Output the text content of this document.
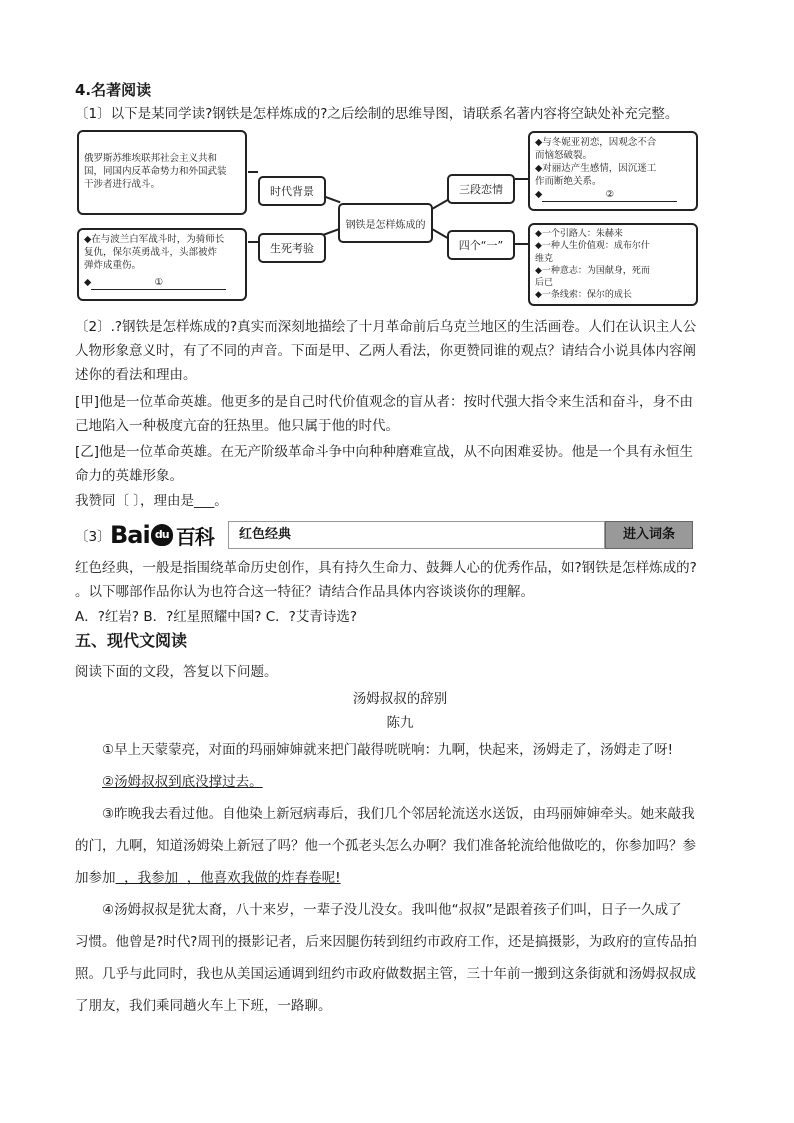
4.名著阅读

〔1〕以下是某同学读?钢铁是怎样炼成的?之后绘制的思维导图，请联系名著内容将空缺处补充完整。

俄罗斯苏维埃联邦社会主义共和
国，同国内反革命势力和外国武装
干涉者进行战斗。
时代背景
钢铁是怎样炼成的
生死考验
◆在与波兰白军战斗时，为骑师长
复仇，保尔英勇战斗，头部被炸
弹炸成重伤。
◆	①
三段恋情
四个“一”
◆与冬妮亚初恋，因观念不合
而恼怒破裂。
◆对丽达产生感情，因沉迷工
作而断绝关系。
◆	②
◆一个引路人：朱赫来
◆一种人生价值观：成布尔什
维克
◆一种意志：为国献身，死而
后已
◆一条线索：保尔的成长

〔2〕.?钢铁是怎样炼成的?真实而深刻地描绘了十月革命前后乌克兰地区的生活画卷。人们在认识主人公

人物形象意义时，有了不同的声音。下面是甲、乙两人看法，你更赞同谁的观点？请结合小说具体内容阐

述你的看法和理由。

[甲]他是一位革命英雄。他更多的是自己时代价值观念的盲从者：按时代强大指令来生活和奋斗，身不由

己地陷入一种极度亢奋的狂热里。他只属于他的时代。

[乙]他是一位革命英雄。在无产阶级革命斗争中向种种磨难宣战，从不向困难妥协。他是一个具有永恒生

命力的英雄形象。

我赞同〔 〕，理由是___。

〔3〕 Bai du 百科	红色经典	进入词条

红色经典，一般是指围绕革命历史创作，具有持久生命力、鼓舞人心的优秀作品，如?钢铁是怎样炼成的?

。以下哪部作品你认为也符合这一特征？请结合作品具体内容谈谈你的理解。

A．?红岩? B．?红星照耀中国? C．?艾青诗选?

五、现代文阅读

阅读下面的文段，答复以下问题。

汤姆叔叔的辞别

陈九

①早上天蒙蒙亮，对面的玛丽婶婶就来把门敲得咣咣响：九啊，快起来，汤姆走了，汤姆走了呀!

②汤姆叔叔到底没撑过去。

③昨晚我去看过他。自他染上新冠病毒后，我们几个邻居轮流送水送饭，由玛丽婶婶牵头。她来敲我

的门，九啊，知道汤姆染上新冠了吗？他一个孤老头怎么办啊？我们准备轮流给他做吃的，你参加吗？参

加参加 ，我参加 ，他喜欢我做的炸春卷呢!

④汤姆叔叔是犹太裔，八十来岁，一辈子没儿没女。我叫他“叔叔”是跟着孩子们叫，日子一久成了

习惯。他曾是?时代?周刊的摄影记者，后来因腿伤转到纽约市政府工作，还是搞摄影，为政府的宣传品拍

照。几乎与此同时，我也从美国运通调到纽约市政府做数据主管，三十年前一搬到这条街就和汤姆叔叔成

了朋友，我们乘同趟火车上下班，一路聊。
